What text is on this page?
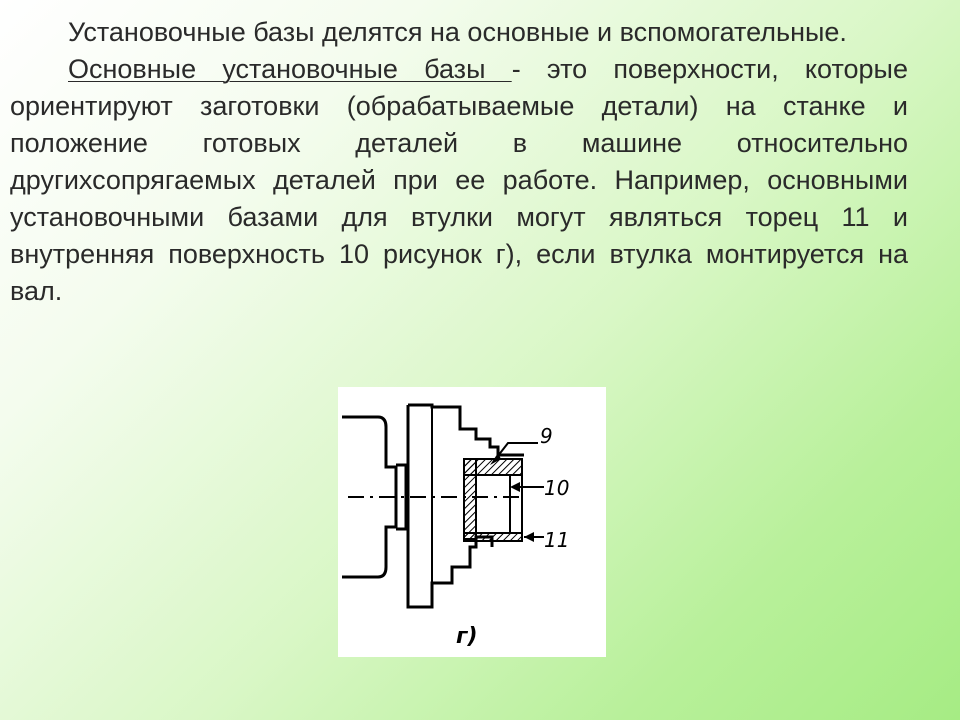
Установочные базы делятся на основные и вспомогательные.

Основные установочные базы - это поверхности, которые ориентируют заготовки (обрабатываемые детали) на станке и положение готовых деталей в машине относительно другихсопрягаемых деталей при ее работе. Например, основными установочными базами для втулки могут являться торец 11 и внутренняя поверхность 10 рисунок г), если втулка монтируется на вал.

9
10
11
г)
